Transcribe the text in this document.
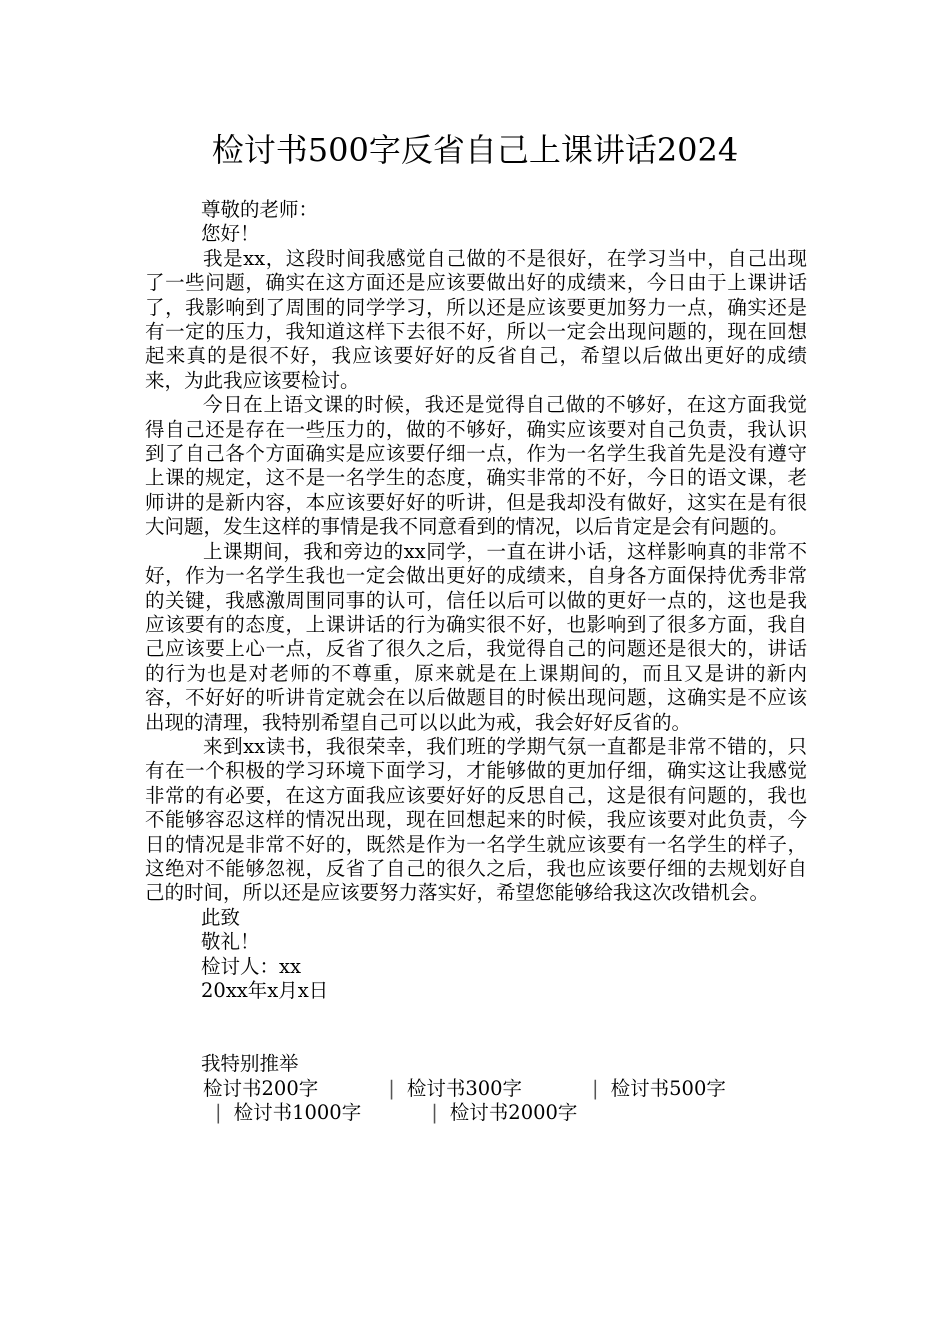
检讨书500字反省自己上课讲话2024

尊敬的老师：

您好！

我是xx，这段时间我感觉自己做的不是很好，在学习当中，自己出现了一些问题，确实在这方面还是应该要做出好的成绩来，今日由于上课讲话了，我影响到了周围的同学学习，所以还是应该要更加努力一点，确实还是有一定的压力，我知道这样下去很不好，所以一定会出现问题的，现在回想起来真的是很不好，我应该要好好的反省自己，希望以后做出更好的成绩来，为此我应该要检讨。

今日在上语文课的时候，我还是觉得自己做的不够好，在这方面我觉得自己还是存在一些压力的，做的不够好，确实应该要对自己负责，我认识到了自己各个方面确实是应该要仔细一点，作为一名学生我首先是没有遵守上课的规定，这不是一名学生的态度，确实非常的不好，今日的语文课，老师讲的是新内容，本应该要好好的听讲，但是我却没有做好，这实在是有很大问题，发生这样的事情是我不同意看到的情况，以后肯定是会有问题的。

上课期间，我和旁边的xx同学，一直在讲小话，这样影响真的非常不好，作为一名学生我也一定会做出更好的成绩来，自身各方面保持优秀非常的关键，我感激周围同事的认可，信任以后可以做的更好一点的，这也是我应该要有的态度，上课讲话的行为确实很不好，也影响到了很多方面，我自己应该要上心一点，反省了很久之后，我觉得自己的问题还是很大的，讲话的行为也是对老师的不尊重，原来就是在上课期间的，而且又是讲的新内容，不好好的听讲肯定就会在以后做题目的时候出现问题，这确实是不应该出现的清理，我特别希望自己可以以此为戒，我会好好反省的。

来到xx读书，我很荣幸，我们班的学期气氛一直都是非常不错的，只有在一个积极的学习环境下面学习，才能够做的更加仔细，确实这让我感觉非常的有必要，在这方面我应该要好好的反思自己，这是很有问题的，我也不能够容忍这样的情况出现，现在回想起来的时候，我应该要对此负责，今日的情况是非常不好的，既然是作为一名学生就应该要有一名学生的样子，这绝对不能够忽视，反省了自己的很久之后，我也应该要仔细的去规划好自己的时间，所以还是应该要努力落实好，希望您能够给我这次改错机会。

此致

敬礼！

检讨人：xx

20xx年x月x日

我特别推举

检讨书200字	| 检讨书300字	| 检讨书500字| 检讨书1000字	| 检讨书2000字
